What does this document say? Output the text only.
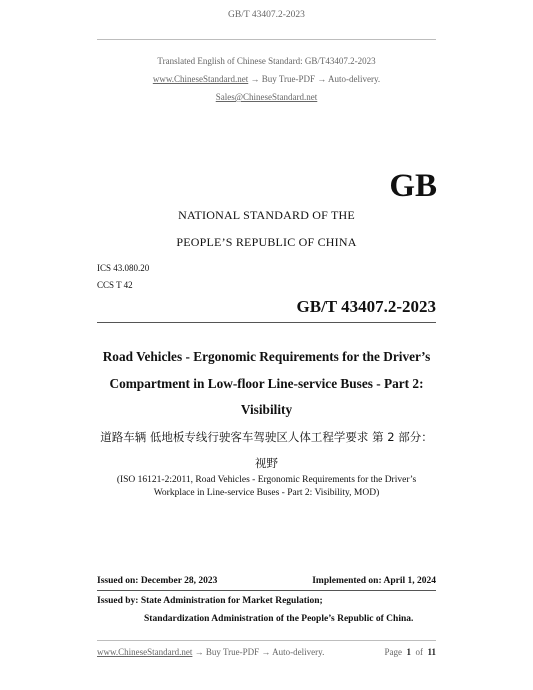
GB/T 43407.2-2023
Translated English of Chinese Standard: GB/T43407.2-2023
www.ChineseStandard.net → Buy True-PDF → Auto-delivery.
Sales@ChineseStandard.net
GB
NATIONAL STANDARD OF THE
PEOPLE’S REPUBLIC OF CHINA
ICS 43.080.20
CCS T 42
GB/T 43407.2-2023
Road Vehicles - Ergonomic Requirements for the Driver’s
Compartment in Low-floor Line-service Buses - Part 2:
Visibility
道路车辆 低地板专线行驶客车驾驶区人体工程学要求 第 2 部分：
视野
(ISO 16121-2:2011, Road Vehicles - Ergonomic Requirements for the Driver’s
Workplace in Line-service Buses - Part 2: Visibility, MOD)
Issued on: December 28, 2023	Implemented on: April 1, 2024
Issued by: State Administration for Market Regulation;
Standardization Administration of the People’s Republic of China.
www.ChineseStandard.net → Buy True-PDF → Auto-delivery.	Page 1 of 11
